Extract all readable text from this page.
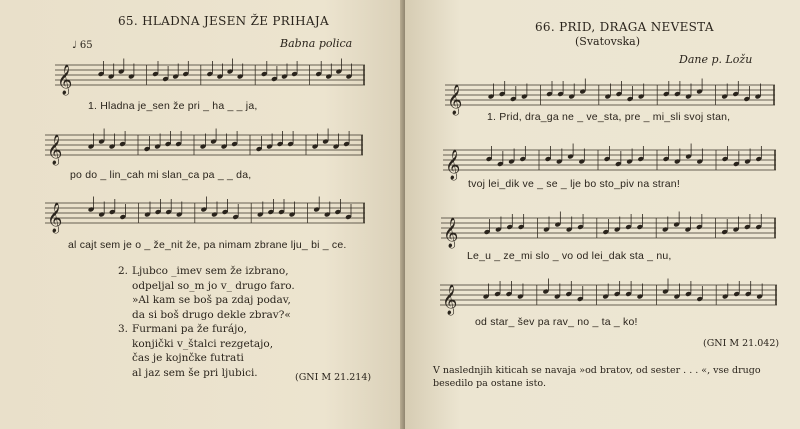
65. HLADNA JESEN ŽE PRIHAJA
♩ 65	Babna polica
𝄞
1. Hladna je_sen že pri _ ha _ _ ja,
𝄞
po do _ lin_cah mi slan_ca pa _ _ da,
𝄞
al cajt sem je o _ že_nit že, pa nimam zbrane lju_ bi _ ce.
2. Ljubco _imev sem že izbrano,
odpeljal so_m jo v_ drugo faro.
»Al kam se boš pa zdaj podav,
da si boš drugo dekle zbrav?«
3. Furmani pa že furájo,
konjički v_štalci rezgetajo,
čas je kojnčke futrati
al jaz sem še pri ljubici.	(GNI M 21.214)
66. PRID, DRAGA NEVESTA
(Svatovska)
Dane p. Ložu
𝄞
1. Prid, dra_ga ne _ ve_sta, pre _ mi_sli svoj stan,
𝄞
tvoj lei_dik ve _ se _ lje bo sto_piv na stran!
𝄞
Le_u _ ze_mi slo _ vo od lei_dak sta _ nu,
𝄞
od star_ šev pa rav_ no _ ta _ ko!
(GNI M 21.042)
V naslednjih kiticah se navaja »od bratov, od sester . . . «, vse drugo besedilo pa ostane isto.
